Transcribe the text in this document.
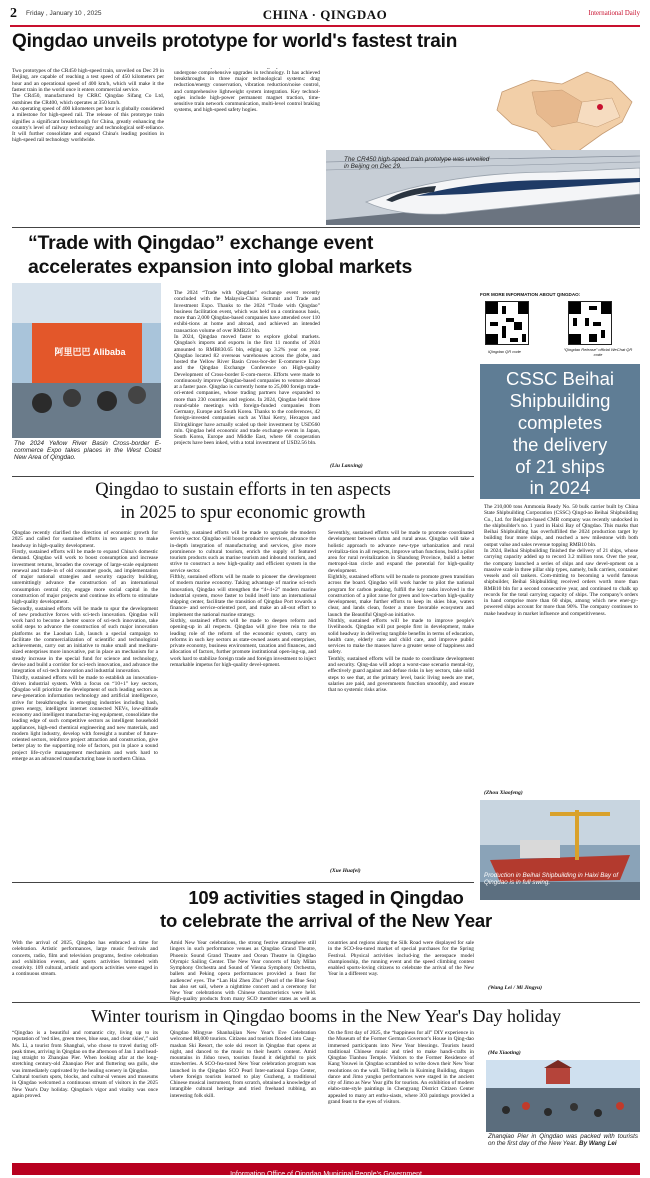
2 Friday , January 10 , 2025	CHINA · QINGDAO	International Daily
Qingdao unveils prototype for world's fastest train

Two prototypes of the CR450 high-speed train, unveiled on Dec 29 in Beijing, are capable of reaching a test speed of 450 kilometers per hour and an operational speed of 400 km/h, which will make it the fastest train in the world once it enters commercial service.

The CR450, manufactured by CRRC Qingdao Sifang Co Ltd, outshines the CR400, which operates at 350 km/h.

An operating speed of 400 kilometers per hour is globally considered a milestone for high-speed rail. The release of this prototype train signifies a significant breakthrough for China, greatly enhancing the country's level of railway technology and technological self-reliance. It will further consolidate and expand China's leading position in high-speed rail technology worldwide.

undergone comprehensive upgrades in technology. It has achieved breakthroughs in three major technological systems: drag reduction/energy conservation, vibration reduction/noise control, and comprehensive lightweight system integration. Key technol-ogies include high-power permanent magnet traction, time-sensitive train network communication, multi-level control braking systems, and high-speed safety hogies.

The CR450 high-speed train prototype was unveiled in Beijing on Dec 29.
“Trade with Qingdao” exchange event
accelerates expansion into global markets
阿里巴巴 Alibaba
The 2024 Yellow River Basin Cross-border E-commerce Expo takes places in the West Coast New Area of Qingdao.

The 2024 “Trade with Qingdao” exchange event recently concluded with the Malaysia-China Summit and Trade and Investment Expo. Thanks to the 2024 “Trade with Qingdao” business facilitation event, which was held on a continuous basis, more than 2,000 Qingdao-based companies have attended over 110 exhibi-tions at home and abroad, and achieved an intended transaction volume of over RMB23 bln.

In 2024, Qingdao moved faster to explore global markets. Qingdao's imports and exports in the first 11 months of 2024 amounted to RMB830.65 bln, edging up 3.2% year on year. Qingdao located 82 overseas warehouses across the globe, and hosted the Yellow River Basin Cross-bor-der E-commerce Expo and the Qingdao Exchange Conference on High-quality Development of Cross-border E-com-merce. Efforts were made to continuously improve Qingdao-based companies to venture abroad at a faster pace. Qingdao is currently home to 25,000 foreign trade-ori-ented companies, whose trading partners have expanded to more than 230 countries and regions. In 2024, Qingdao held three round-table meetings with foreign-funded companies from Germany, Europe and South Korea. Thanks to the conferences, 42 foreign-invested companies such as Yihai Kerry, Hexagon and Elringklinger have actually scaled up their investment by USD560 mln. Qingdao held economic and trade exchange events in Japan, South Korea, Europe and Middle East, where 68 cooperation projects have been inked, with a total investment of USD2.56 bln.

(Liu Lanxing)
FOR MORE INFORMATION ABOUT QINGDAO:
iQingdao QR code	“Qingdao Release” official WeChat QR code
CSSC Beihai
Shipbuilding
completes
the delivery
of 21 ships
in 2024
Qingdao to sustain efforts in ten aspects
in 2025 to spur economic growth

Qingdao recently clarified the direction of economic growth for 2025 and called for sustained efforts in ten aspects to make headway in high-quality development.

Firstly, sustained efforts will be made to expand China's domestic demand. Qingdao will work to boost consumption and increase investment returns, broaden the coverage of large-scale equipment renewal and trade-in of old consumer goods, and implementation of major national strategies and security capacity building, unremittingly advance the construction of an international consumption central city, engage more social capital in the construction of major projects and continue its efforts to stimulate high-quality development.

Secondly, sustained efforts will be made to spur the development of new productive forces with sci-tech innovation. Qingdao will work hard to become a better source of sci-tech innovation, take solid steps to advance the construction of such major innovation platforms as the Laoshan Lab, launch a special campaign to facilitate the commercialization of scientific and technological achievements, carry out an initiative to make small and medium-sized enterprises more innovative, put in place an mechanism for a steady increase in the special fund for science and technology, devise and build a corridor for sci-tech innovation, and advance the integration of sci-tech innovation and industrial innovation.

Thirdly, sustained efforts will be made to establish an innovation-driven industrial system. With a focus on “10+1” key sectors, Qingdao will prioritize the development of such leading sectors as new-generation information technology and artificial intelligence, strive for breakthroughs in emerging industries including hash, green energy, intelligent internet connected NEVs, low-altitude economy and intelligent manufactur-ing equipment, consolidate the leading edge of such competitive sectors as intelligent household appliances, high-end chemical engineering and new materials, and modern light industry, develop with foresight a number of future-oriented sectors, reinforce project attraction and construction, give better play to the supporting role of factors, put in place a sound project life-cycle management mechanism and work hard to emerge as an advanced manufacturing base in northern China.

Fourthly, sustained efforts will be made to upgrade the modern service sector. Qingdao will boost productive services, advance the in-depth integration of manufacturing and services, give more prominence to cultural tourism, enrich the supply of featured tourism products such as marine tourism and inbound tourism, and strive to construct a new high-quality and efficient system in the service sector.

Fifthly, sustained efforts will be made to pioneer the development of modern marine economy. Taking advantage of marine sci-tech innovation, Qingdao will strengthen the “4+4+2” modern marine industrial system, move faster to build itself into an international shipping center, facilitate the transition of Qingdao Port towards a finance- and service-oriented port, and make an all-out effort to implement the national marine strategy.

Sixthly, sustained efforts will be made to deepen reform and opening-up in all respects. Qingdao will give free rein to the leading role of the reform of the economic system, carry on reforms in such key sectors as state-owned assets and enterprises, private economy, business environment, taxation and finances, and allocation of factors, further promote institutional open-ing-up, and work hard to stabilize foreign trade and foreign investment to inject remarkable impetus for high-quality devel-opment.

Seventhly, sustained efforts will be made to promote coordinated development between urban and rural areas. Qingdao will take a holistic approach to advance new-type urbanization and rural revitaliza-tion in all respects, improve urban functions, build a pilot area for rural revitalization in Shandong Province, build a better metropol-itan circle and expand the potential for high-quality development.

Eighthly, sustained efforts will be made to promote green transition across the board. Qingdao will work harder to pilot the national program for carbon peaking, fulfill the key tasks involved in the construction of a pilot zone for green and low-carbon high-quality development, make further efforts to keep its skies blue, waters clear, and lands clean, foster a more favorable ecosystem and launch the Beautiful Qingd-ao initiative.

Ninthly, sustained efforts will be made to improve people's livelihoods. Qingdao will put people first in development, make solid headway in delivering tangible benefits in terms of education, health care, elderly care and child care, and improve public services to make the masses have a greater sense of happiness and safety.

Tenthly, sustained efforts will be made to coordinate development and security. Qing-dao will adopt a worst-case scenario mental-ity, effectively guard against and defuse risks in key sectors, take solid steps to see that, at the primary level, basic living needs are met, salaries are paid, and governments function smoothly, and ensure that no systemic risks arise.

(Xue Huafei)

The 210,000 tons Ammonia Ready No. 50 bulk carrier built by China State Shipbuilding Corporation (CSSC) Qingd-ao Beihai Shipbuilding Co., Ltd. for Belgium-based CMB company was recently undocked in the shipbuilder's no. 1 yard in Haixi Bay of Qingdao. This marks that Beihai Shipbuilding has overfulfilled the 2024 production target by building four more ships, and reached a new milestone with both output value and sales revenue topping RMB10 bln.

In 2024, Beihai Shipbuilding finished the delivery of 21 ships, whose carrying capacity added up to record 3.2 million tons. Over the year, the company launched a series of ships and saw devel-opment on a massive scale in three pillar ship types, namely, bulk carriers, container vessels and oil tankers. Com-mitting to becoming a world famous shipbuilder, Beihai Shipbuilding received orders worth more than RMB10 bln for a second consecutive year, and continued to chalk up records for the total carrying capacity of ships. The company's orders in hand comprise more than 60 ships, among which new ener-gy-powered ships account for more than 90%. The company continues to make headway in market influence and competitiveness.

(Zhou Xiaofeng)
Production in Beihai Shipbuilding in Haixi Bay of Qingdao is in full swing.
109 activities staged in Qingdao
to celebrate the arrival of the New Year

With the arrival of 2025, Qingdao has embraced a time for celebration. Artistic performances, large music festivals and concerts, radio, film and television programs, festive celebration and exhibition events, and sports activities brimmed with creativity. 109 cultural, artistic and sports activities were staged in a continuous stream.

Amid New Year celebrations, the strong festive atmosphere still lingers in such performance venues as Qingdao Grand Theatre, Phoenix Sound Grand Theatre and Ocean Theatre in Qingdao Olympic Sailing Center. The New Year concerts of Italy Milan Symphony Orchestra and Sound of Vienna Symphony Orchestra, ballets and Peking opera performances provided a feast for audiences' eyes. The “Lan Hai Zhen Zhu” (Pearl of the Blue Sea) has also set sail, where a nighttime concert and a ceremony for New Year celebrations with Chinese characteristics were held. High-quality products from many SCO member states as well as

countries and regions along the Silk Road were displayed for sale in the SCO-fea-tured market of special purchases for the Spring Festival. Physical activities includ-ing the aerospace model championship, the running event and the speed climbing contest enabled sports-loving citizens to celebrate the arrival of the New Year in a different way.

(Wang Lei / Mi Jingyu)
Winter tourism in Qingdao booms in the New Year's Day holiday

“Qingdao is a beautiful and romantic city, living up to its reputation of 'red tiles, green trees, blue seas, and clear skies',” said Ms. Li, a tourist from Shanghai, who chose to travel during off-peak times, arriving in Qingdao on the afternoon of Jan 1 and head-ing straight to Zhanqiao Pier. When looking afar at the long-stretching century-old Zhanqiao Pier and fluttering sea gulls, she was immediately captivated by the healing scenery in Qingdao.

Cultural tourism spots, blocks, and cultur-al venues and museums in Qingdao welcomed a continuous stream of visitors in the 2025 New Year's Day holiday. Qingdao's vigor and vitality was once again proved.

Qingdao Mingyue Shanhaijian New Year's Eve Celebration welcomed 88,000 tourists. Citizens and tourists flooded into Cang-mashan Ski Resort, the sole ski resort in Qingdao that opens at night, and danced to the music to their heart's content. Amid mountains in Jiduo town, tourists found it delightful to pick strawberries. A SCO-fea-tured New Year celebration program was launched in the Qingdao SCO Pearl Inter-national Expo Center, where foreign tourists learned to play Guzheng, a traditional Chinese musical instrument, from scratch, obtained a knowledge of intangible cultural heritage and tried freehand rubbing, an interesting folk skill.

On the first day of 2025, the “happiness for all” DIY experience in the Museum of the Former German Governor's House in Qing-dao immersed participants into New Year blessings. Tourists heard traditional Chinese music and tried to make handi-crafts in Qingdao Tianhou Temple. Visitors to the Former Residence of Kang Youwei in Qingdao scrambled to write down their New Year resolutions on the wall. Telling bells in Kuiming Building, dragon dance and Jimo yangko performances were staged in the ancient city of Jimo as New Year gifts for tourists. An exhibition of modern elabo-rate-style paintings in Chengyang District Citizen Center appealed to many art enthu-siasts, where 303 paintings provided a grand feast to the eyes of visitors.

(Ma Xiaoting)
Zhanqiao Pier in Qingdao was packed with tourists on the first day of the New Year. By Wang Lei
Information Office of Qingdao Municipal People's Government
